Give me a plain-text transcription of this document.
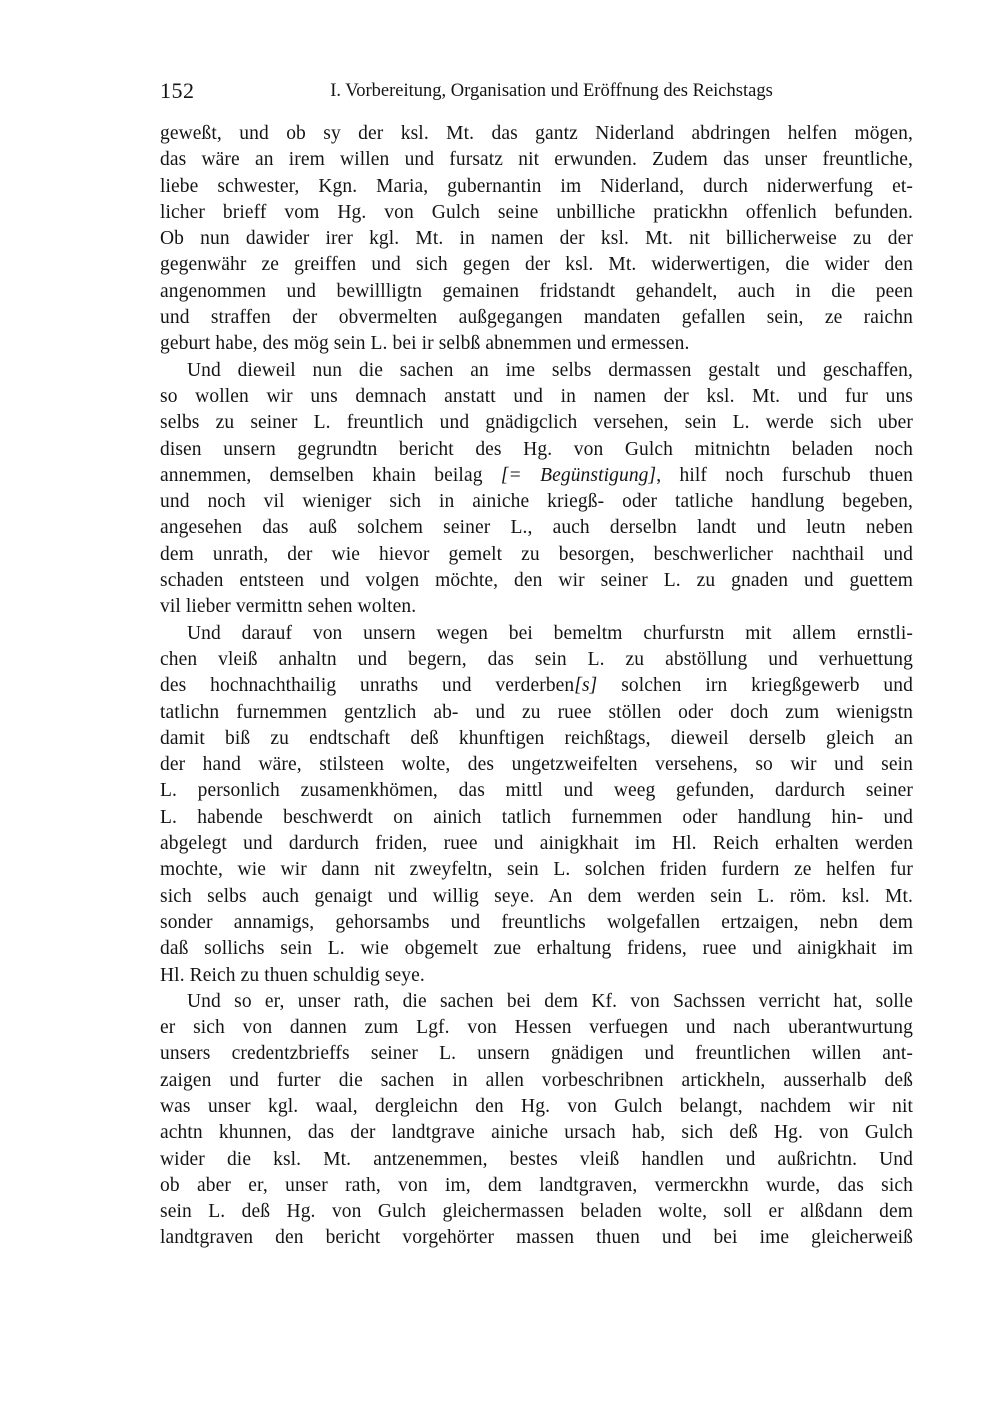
152	I. Vorbereitung, Organisation und Eröffnung des Reichstags
geweßt, und ob sy der ksl. Mt. das gantz Niderland abdringen helfen mögen,
das wäre an irem willen und fursatz nit erwunden. Zudem das unser freuntliche,
liebe schwester, Kgn. Maria, gubernantin im Niderland, durch niderwerfung et-
licher brieff vom Hg. von Gulch seine unbilliche pratickhn offenlich befunden.
Ob nun dawider irer kgl. Mt. in namen der ksl. Mt. nit billicherweise zu der
gegenwähr ze greiffen und sich gegen der ksl. Mt. widerwertigen, die wider den
angenommen und bewillligtn gemainen fridstandt gehandelt, auch in die peen
und straffen der obvermelten außgegangen mandaten gefallen sein, ze raichn
geburt habe, des mög sein L. bei ir selbß abnemmen und ermessen.
Und dieweil nun die sachen an ime selbs dermassen gestalt und geschaffen,
so wollen wir uns demnach anstatt und in namen der ksl. Mt. und fur uns
selbs zu seiner L. freuntlich und gnädigclich versehen, sein L. werde sich uber
disen unsern gegrundtn bericht des Hg. von Gulch mitnichtn beladen noch
annemmen, demselben khain beilag [= Begünstigung], hilf noch furschub thuen
und noch vil wieniger sich in ainiche kriegß- oder tatliche handlung begeben,
angesehen das auß solchem seiner L., auch derselbn landt und leutn neben
dem unrath, der wie hievor gemelt zu besorgen, beschwerlicher nachthail und
schaden entsteen und volgen möchte, den wir seiner L. zu gnaden und guettem
vil lieber vermittn sehen wolten.
Und darauf von unsern wegen bei bemeltm churfurstn mit allem ernstli-
chen vleiß anhaltn und begern, das sein L. zu abstöllung und verhuettung
des hochnachthailig unraths und verderben[s] solchen irn kriegßgewerb und
tatlichn furnemmen gentzlich ab- und zu ruee stöllen oder doch zum wienigstn
damit biß zu endtschaft deß khunftigen reichßtags, dieweil derselb gleich an
der hand wäre, stilsteen wolte, des ungetzweifelten versehens, so wir und sein
L. personlich zusamenkhömen, das mittl und weeg gefunden, dardurch seiner
L. habende beschwerdt on ainich tatlich furnemmen oder handlung hin- und
abgelegt und dardurch friden, ruee und ainigkhait im Hl. Reich erhalten werden
mochte, wie wir dann nit zweyfeltn, sein L. solchen friden furdern ze helfen fur
sich selbs auch genaigt und willig seye. An dem werden sein L. röm. ksl. Mt.
sonder annamigs, gehorsambs und freuntlichs wolgefallen ertzaigen, nebn dem
daß sollichs sein L. wie obgemelt zue erhaltung fridens, ruee und ainigkhait im
Hl. Reich zu thuen schuldig seye.
Und so er, unser rath, die sachen bei dem Kf. von Sachssen verricht hat, solle
er sich von dannen zum Lgf. von Hessen verfuegen und nach uberantwurtung
unsers credentzbrieffs seiner L. unsern gnädigen und freuntlichen willen ant-
zaigen und furter die sachen in allen vorbeschribnen artickheln, ausserhalb deß
was unser kgl. waal, dergleichn den Hg. von Gulch belangt, nachdem wir nit
achtn khunnen, das der landtgrave ainiche ursach hab, sich deß Hg. von Gulch
wider die ksl. Mt. antzenemmen, bestes vleiß handlen und außrichtn. Und
ob aber er, unser rath, von im, dem landtgraven, vermerckhn wurde, das sich
sein L. deß Hg. von Gulch gleichermassen beladen wolte, soll er alßdann dem
landtgraven den bericht vorgehörter massen thuen und bei ime gleicherweiß
